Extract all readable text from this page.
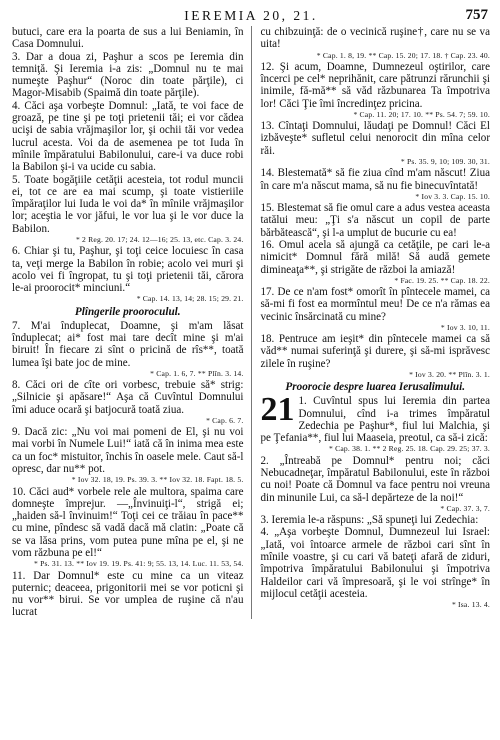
IEREMIA 20, 21.	757

butuci, care era la poarta de sus a lui Beniamin, în Casa Domnului.

3. Dar a doua zi, Paşhur a scos pe Ieremia din temniţă. Şi Ieremia i-a zis: „Domnul nu te mai numeşte Paşhur“ (Noroc din toate părţile), ci Magor-Misabib (Spaimă din toate părţile).

4. Căci aşa vorbeşte Domnul: „Iată, te voi face de groază, pe tine şi pe toţi prietenii tăi; ei vor cădea ucişi de sabia vrăjmaşilor lor, şi ochii tăi vor vedea lucrul acesta. Voi da de asemenea pe tot Iuda în mînile împăratului Babilonului, care-i va duce robi la Babilon şi-i va ucide cu sabia.

5. Toate bogăţiile cetăţii acesteia, tot rodul muncii ei, tot ce are ea mai scump, şi toate vistieriile împăraţilor lui Iuda le voi da* în mînile vrăjmaşilor lor; aceştia le vor jăfui, le vor lua şi le vor duce la Babilon.

* 2 Reg. 20. 17; 24. 12—16; 25. 13, etc. Cap. 3. 24.

6. Chiar şi tu, Paşhur, şi toţi ceice locuiesc în casa ta, veţi merge la Babilon în robie; acolo vei muri şi acolo vei fi îngropat, tu şi toţi prietenii tăi, cărora le-ai proorocit* minciuni.“

* Cap. 14. 13, 14; 28. 15; 29. 21.

Plîngerile prooroculul.

7. M'ai înduplecat, Doamne, şi m'am lăsat înduplecat; ai* fost mai tare decît mine şi m'ai biruit! În fiecare zi sînt o pricină de rîs**, toată lumea îşi bate joc de mine.

* Cap. 1. 6, 7. ** Plîn. 3. 14.

8. Căci ori de cîte ori vorbesc, trebuie să* strig: „Silnicie şi apăsare!“ Aşa că Cuvîntul Domnului îmi aduce ocară şi batjocură toată ziua.

* Cap. 6. 7.

9. Dacă zic: „Nu voi mai pomeni de El, şi nu voi mai vorbi în Numele Lui!“ iată că în inima mea este ca un foc* mistuitor, închis în oasele mele. Caut să-l opresc, dar nu** pot.

* Iov 32. 18, 19. Ps. 39. 3. ** Iov 32. 18. Fapt. 18. 5.

10. Căci aud* vorbele rele ale multora, spaima care domneşte împrejur. —„Învinuiţi-l“, strigă ei; „haiden să-l învinuim!“ Toţi cei ce trăiau în pace** cu mine, pîndesc să vadă dacă mă clatin: „Poate că se va lăsa prins, vom putea pune mîna pe el, şi ne vom răzbuna pe el!“

* Ps. 31. 13. ** Iov 19. 19. Ps. 41: 9; 55. 13, 14. Luc. 11. 53, 54.

11. Dar Domnul* este cu mine ca un viteaz puternic; deaceea, prigonitorii mei se vor poticni şi nu vor** birui. Se vor umplea de ruşine că n'au lucrat

cu chibzuinţă: de o vecinică ruşine†, care nu se va uita!

* Cap. 1. 8, 19. ** Cap. 15. 20; 17. 18. † Cap. 23. 40.

12. Şi acum, Doamne, Dumnezeul oştirilor, care încerci pe cel* neprihănit, care pătrunzi rărunchii şi inimile, fă-mă** să văd răzbunarea Ta împotriva lor! Căci Ţie îmi încredinţez pricina.

* Cap. 11. 20; 17. 10. ** Ps. 54. 7; 59. 10.

13. Cîntaţi Domnului, lăudaţi pe Domnul! Căci El izbăveşte* sufletul celui nenorocit din mîna celor răi.

* Ps. 35. 9, 10; 109. 30, 31.

14. Blestemată* să fie ziua cînd m'am născut! Ziua în care m'a născut mama, să nu fie binecuvîntată!

* Iov 3. 3. Cap. 15. 10.

15. Blestemat să fie omul care a adus vestea aceasta tatălui meu: „Ţi s'a născut un copil de parte bărbătească“, şi l-a umplut de bucurie cu ea!

16. Omul acela să ajungă ca cetăţile, pe cari le-a nimicit* Domnul fără milă! Să audă gemete dimineaţa**, şi strigăte de război la amiază!

* Fac. 19. 25. ** Cap. 18. 22.

17. De ce n'am fost* omorît în pîntecele mamei, ca să-mi fi fost ea mormîntul meu! De ce n'a rămas ea vecinic însărcinată cu mine?

* Iov 3. 10, 11.

18. Pentruce am ieşit* din pîntecele mamei ca să văd** numai suferinţă şi durere, şi să-mi isprăvesc zilele în ruşine?

* Iov 3. 20. ** Plîn. 3. 1.

Proorocie despre luarea Ierusalimului.

21 1. Cuvîntul spus lui Ieremia din partea Domnului, cînd i-a trimes împăratul Zedechia pe Paşhur*, fiul lui Malchia, şi pe Ţefania**, fiul lui Maaseia, preotul, ca să-i zică:

* Cap. 38. 1. ** 2 Reg. 25. 18. Cap. 29. 25; 37. 3.

2. „Întreabă pe Domnul* pentru noi; căci Nebucadneţar, împăratul Babilonului, este în război cu noi! Poate că Domnul va face pentru noi vreuna din minunile Lui, ca să-l depărteze de la noi!“

* Cap. 37. 3, 7.

3. Ieremia le-a răspuns: „Să spuneţi lui Zedechia:

4. „Aşa vorbeşte Domnul, Dumnezeul lui Israel: „Iată, voi întoarce armele de război cari sînt în mînile voastre, şi cu cari vă bateţi afară de ziduri, împotriva împăratului Babilonului şi împotriva Haldeilor cari vă împresoară, şi le voi strînge* în mijlocul cetăţii acesteia.

* Isa. 13. 4.
